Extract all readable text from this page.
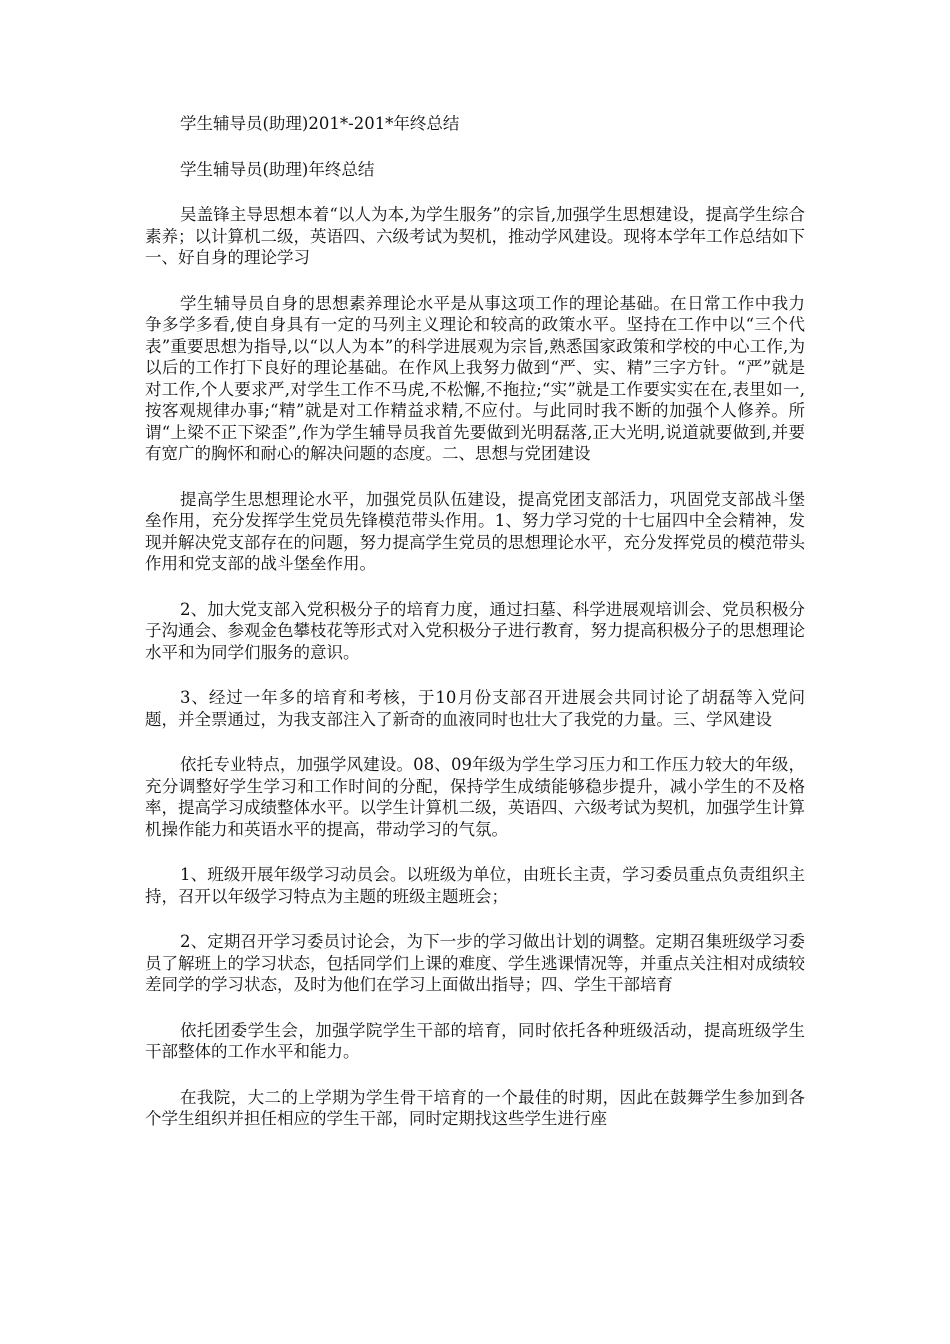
学生辅导员(助理)201*-201*年终总结

学生辅导员(助理)年终总结

吴盖锋主导思想本着“以人为本,为学生服务”的宗旨,加强学生思想建设，提高学生综合素养；以计算机二级，英语四、六级考试为契机，推动学风建设。现将本学年工作总结如下一、好自身的理论学习

学生辅导员自身的思想素养理论水平是从事这项工作的理论基础。在日常工作中我力争多学多看,使自身具有一定的马列主义理论和较高的政策水平。坚持在工作中以“三个代表”重要思想为指导,以“以人为本”的科学进展观为宗旨,熟悉国家政策和学校的中心工作,为以后的工作打下良好的理论基础。在作风上我努力做到“严、实、精”三字方针。“严”就是对工作,个人要求严,对学生工作不马虎,不松懈,不拖拉;“实”就是工作要实实在在,表里如一,按客观规律办事;“精”就是对工作精益求精,不应付。与此同时我不断的加强个人修养。所谓“上梁不正下梁歪”,作为学生辅导员我首先要做到光明磊落,正大光明,说道就要做到,并要有宽广的胸怀和耐心的解决问题的态度。二、思想与党团建设

提高学生思想理论水平，加强党员队伍建设，提高党团支部活力，巩固党支部战斗堡垒作用，充分发挥学生党员先锋模范带头作用。1、努力学习党的十七届四中全会精神，发现并解决党支部存在的问题，努力提高学生党员的思想理论水平，充分发挥党员的模范带头作用和党支部的战斗堡垒作用。

2、加大党支部入党积极分子的培育力度，通过扫墓、科学进展观培训会、党员积极分子沟通会、参观金色攀枝花等形式对入党积极分子进行教育，努力提高积极分子的思想理论水平和为同学们服务的意识。

3、经过一年多的培育和考核，于10月份支部召开进展会共同讨论了胡磊等入党问题，并全票通过，为我支部注入了新奇的血液同时也壮大了我党的力量。三、学风建设

依托专业特点，加强学风建设。08、09年级为学生学习压力和工作压力较大的年级，充分调整好学生学习和工作时间的分配，保持学生成绩能够稳步提升，减小学生的不及格率，提高学习成绩整体水平。以学生计算机二级，英语四、六级考试为契机，加强学生计算机操作能力和英语水平的提高，带动学习的气氛。

1、班级开展年级学习动员会。以班级为单位，由班长主责，学习委员重点负责组织主持，召开以年级学习特点为主题的班级主题班会；

2、定期召开学习委员讨论会，为下一步的学习做出计划的调整。定期召集班级学习委员了解班上的学习状态，包括同学们上课的难度、学生逃课情况等，并重点关注相对成绩较差同学的学习状态，及时为他们在学习上面做出指导；四、学生干部培育

依托团委学生会，加强学院学生干部的培育，同时依托各种班级活动，提高班级学生干部整体的工作水平和能力。

在我院，大二的上学期为学生骨干培育的一个最佳的时期，因此在鼓舞学生参加到各个学生组织并担任相应的学生干部，同时定期找这些学生进行座
